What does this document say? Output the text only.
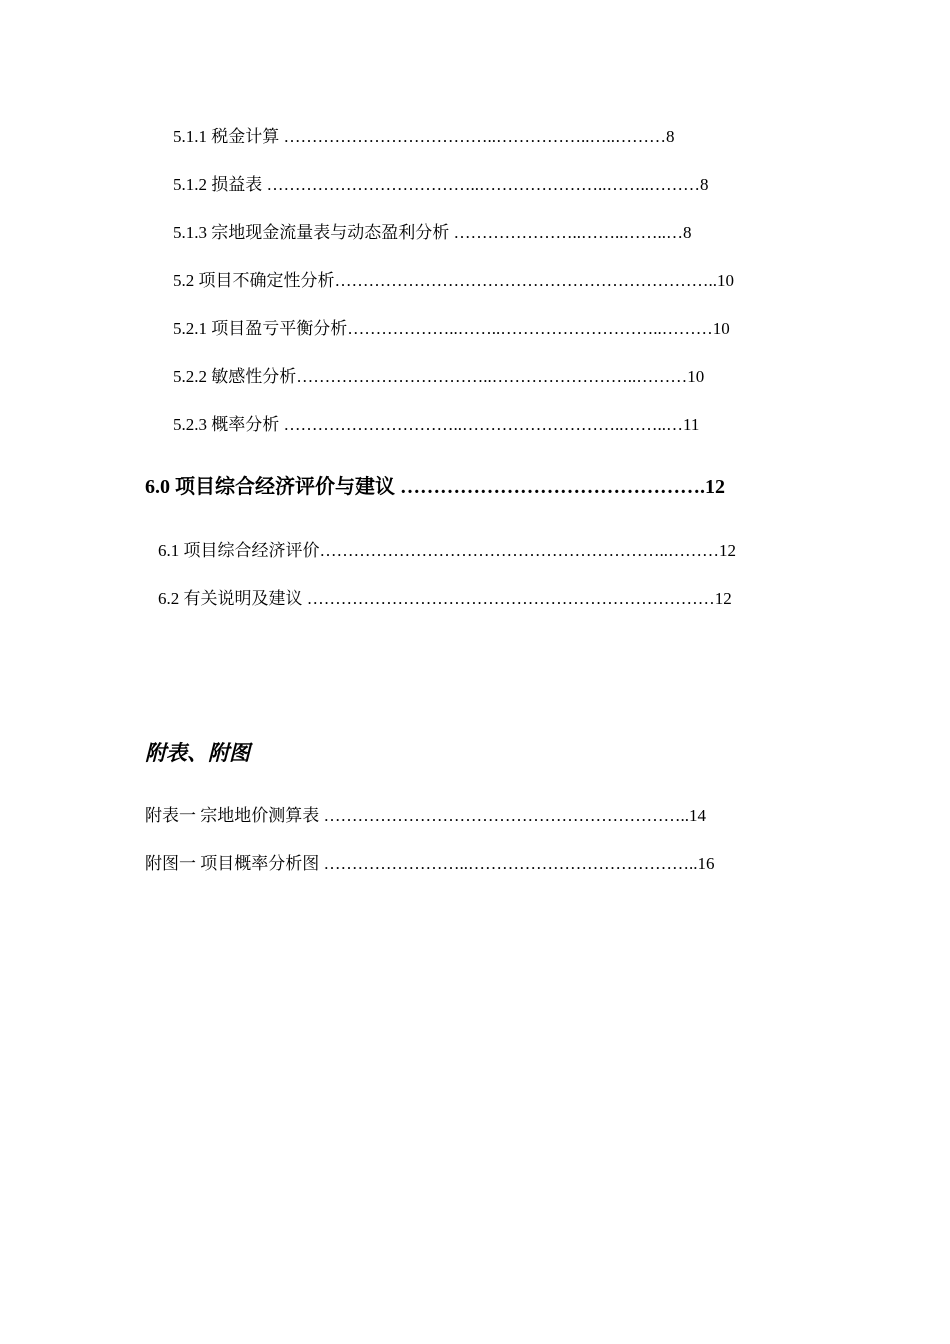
5.1.1 税金计算 ………………………………..……………..…..………8
5.1.2 损益表 ………………………………..…………………..……..………8
5.1.3 宗地现金流量表与动态盈利分析 …………………..……..……..…8
5.2 项目不确定性分析…………………………………………………………..10
5.2.1 项目盈亏平衡分析………………..……..………………………..………10
5.2.2 敏感性分析……………………………..……………………..………10
5.2.3 概率分析 …………………………..………………………..……..…11
6.0 项目综合经济评价与建议 ……………………………………….12
6.1 项目综合经济评价……………………………………………………..………12
6.2 有关说明及建议 ………………………………………………………………12
附表、附图
附表一 宗地地价测算表 ………………………………………………………..14
附图一 项目概率分析图 ……………………..…………………………………..16
